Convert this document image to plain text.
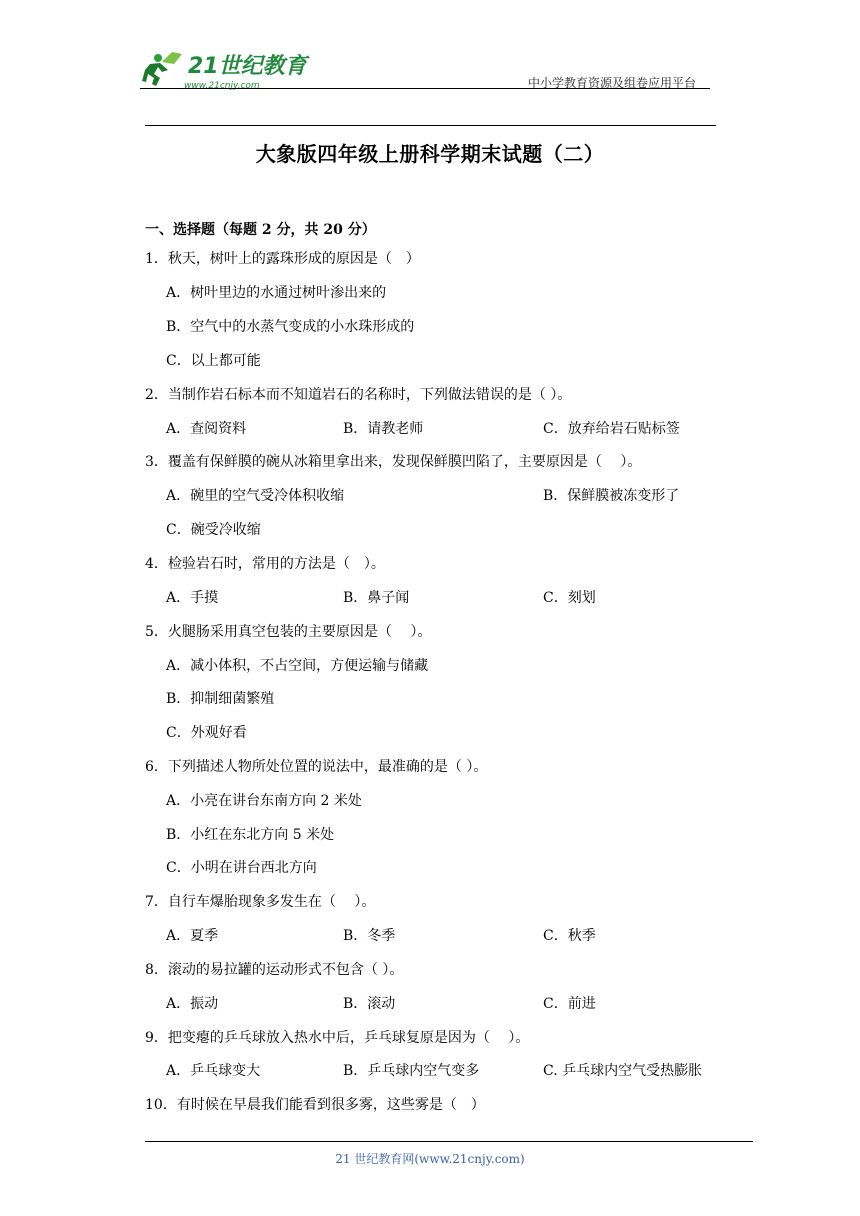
21世纪教育
www.21cnjy.com	中小学教育资源及组卷应用平台
大象版四年级上册科学期末试题（二）
一、选择题（每题 2 分，共 20 分）
1．秋天，树叶上的露珠形成的原因是（　）
A．树叶里边的水通过树叶渗出来的
B．空气中的水蒸气变成的小水珠形成的
C．以上都可能
2．当制作岩石标本而不知道岩石的名称时，下列做法错误的是（ ）。
A．查阅资料	B．请教老师	C．放弃给岩石贴标签
3．覆盖有保鲜膜的碗从冰箱里拿出来，发现保鲜膜凹陷了，主要原因是（　 ）。
A．碗里的空气受冷体积收缩	B．保鲜膜被冻变形了
C．碗受冷收缩
4．检验岩石时，常用的方法是（　）。
A．手摸	B．鼻子闻	C．刻划
5．火腿肠采用真空包装的主要原因是（　 ）。
A．减小体积，不占空间，方便运输与储藏
B．抑制细菌繁殖
C．外观好看
6．下列描述人物所处位置的说法中，最准确的是（ ）。
A．小亮在讲台东南方向 2 米处
B．小红在东北方向 5 米处
C．小明在讲台西北方向
7．自行车爆胎现象多发生在（　 ）。
A．夏季	B．冬季	C．秋季
8．滚动的易拉罐的运动形式不包含（ ）。
A．振动	B．滚动	C．前进
9．把变瘪的乒乓球放入热水中后，乒乓球复原是因为（　 ）。
A．乒乓球变大	B．乒乓球内空气变多	C. 乒乓球内空气受热膨胀
10．有时候在早晨我们能看到很多雾，这些雾是（　）
21 世纪教育网(www.21cnjy.com)
